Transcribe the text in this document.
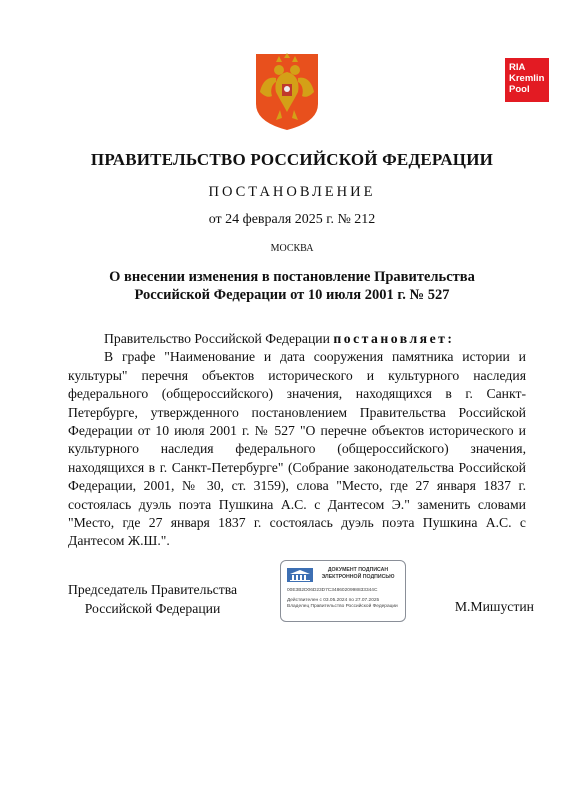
RIA
Kremlin
Pool
ПРАВИТЕЛЬСТВО РОССИЙСКОЙ ФЕДЕРАЦИИ
ПОСТАНОВЛЕНИЕ
от 24 февраля 2025 г. № 212
МОСКВА
О внесении изменения в постановление Правительства
Российской Федерации от 10 июля 2001 г. № 527

Правительство Российской Федерации постановляет:

В графе "Наименование и дата сооружения памятника истории и культуры" перечня объектов исторического и культурного наследия федерального (общероссийского) значения, находящихся в г. Санкт-Петербурге, утвержденного постановлением Правительства Российской Федерации от 10 июля 2001 г. № 527 "О перечне объектов исторического и культурного наследия федерального (общероссийского) значения, находящихся в г. Санкт-Петербурге" (Собрание законодательства Российской Федерации, 2001, № 30, ст. 3159), слова "Место, где 27 января 1837 г. состоялась дуэль поэта Пушкина А.С. с Дантесом Э." заменить словами "Место, где 27 января 1837 г. состоялась дуэль поэта Пушкина А.С. с Дантесом Ж.Ш.".

Председатель Правительства
Российской Федерации
ДОКУМЕНТ ПОДПИСАН
ЭЛЕКТРОННОЙ ПОДПИСЬЮ
00E3B2D06D23D7C3486020998833344C
Действителен с 03.05.2024 по 27.07.2025
Владелец Правительство Российской Федерации	М.Мишустин
